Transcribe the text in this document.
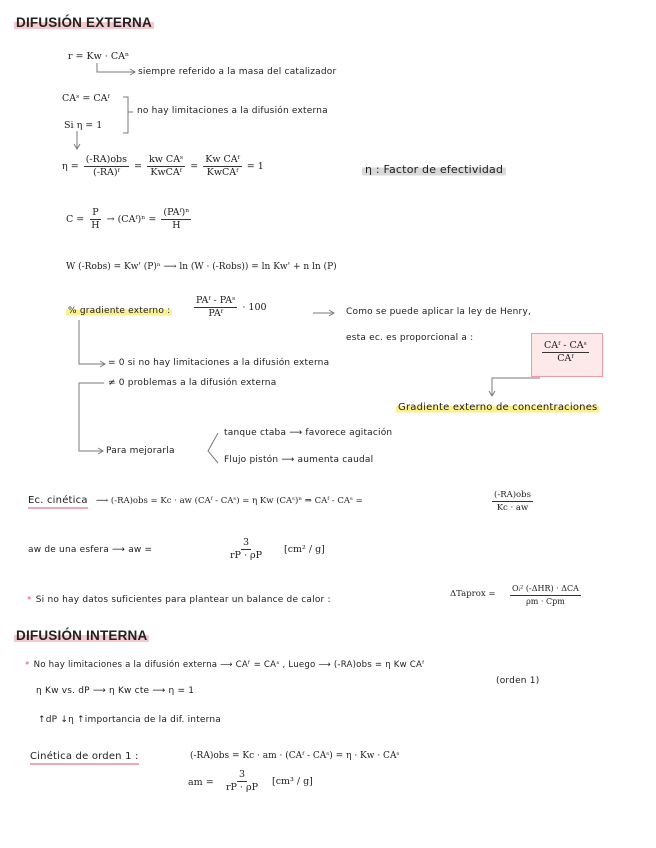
DIFUSIÓN EXTERNA
r = Kw · CAⁿ
siempre referido a la masa del catalizador
CAˢ = CAᶠ
Si η = 1
no hay limitaciones a la difusión externa
$\eta = \frac{\text{(-RA)obs}}{\text{(-RA)ᶠ}} = \frac{\text{kw CAˢ}}{\text{KwCAᶠ}} = \frac{\text{Kw CAᶠ}}{\text{KwCAᶠ}} = 1$	η : Factor de efectividad
$C = \frac{P}{H}$ → (CAᶠ)ⁿ = $\frac{\text{(PAᶠ)ⁿ}}{H}$
W (-Robs) = Kw' (P)ⁿ ⟶ ln (W · (-Robs)) = ln Kw' + n ln (P)
% gradiente externo : $\frac{\text{PAᶠ - PAˢ}}{\text{PAᶠ}} \cdot 100$	Como se puede aplicar la ley de Henry,
esta ec. es proporcional a :
$\frac{\text{CAᶠ - CAˢ}}{\text{CAᶠ}}$
= 0 si no hay limitaciones a la difusión externa
≠ 0 problemas a la difusión externa
Gradiente externo de concentraciones
Para mejorarla
tanque ctaba ⟶ favorece agitación
Flujo pistón ⟶ aumenta caudal
Ec. cinética ⟶ (-RA)obs = Kc · aw (CAᶠ - CAˢ) = η Kw (CAˢ)ⁿ ⇒ CAᶠ - CAˢ =	$\frac{\text{(-RA)obs}}{Kc \cdot aw}$
aw de una esfera ⟶ aw =	$\frac{3}{rP \cdot \rho P} [cm^2 / g]$
• Si no hay datos suficientes para plantear un balance de calor :
ΔTaprox = $\frac{\text{Oᵢ² (-ΔHR) · ΔCA}}{\text{ρm · Cpm}}$
DIFUSIÓN INTERNA
• No hay limitaciones a la difusión externa ⟶ CAᶠ = CAˢ , Luego ⟶ (-RA)obs = η Kw CAᶠ
(orden 1)
η Kw vs. dP ⟶ η Kw cte ⟶ η = 1
↑dP ↓η ↑importancia de la dif. interna
Cinética de orden 1 :	(-RA)obs = Kc · am · (CAᶠ - CAˢ) = η · Kw · CAˢ
am = $\frac{3}{rP \cdot \rho P} [cm^3 / g]$
